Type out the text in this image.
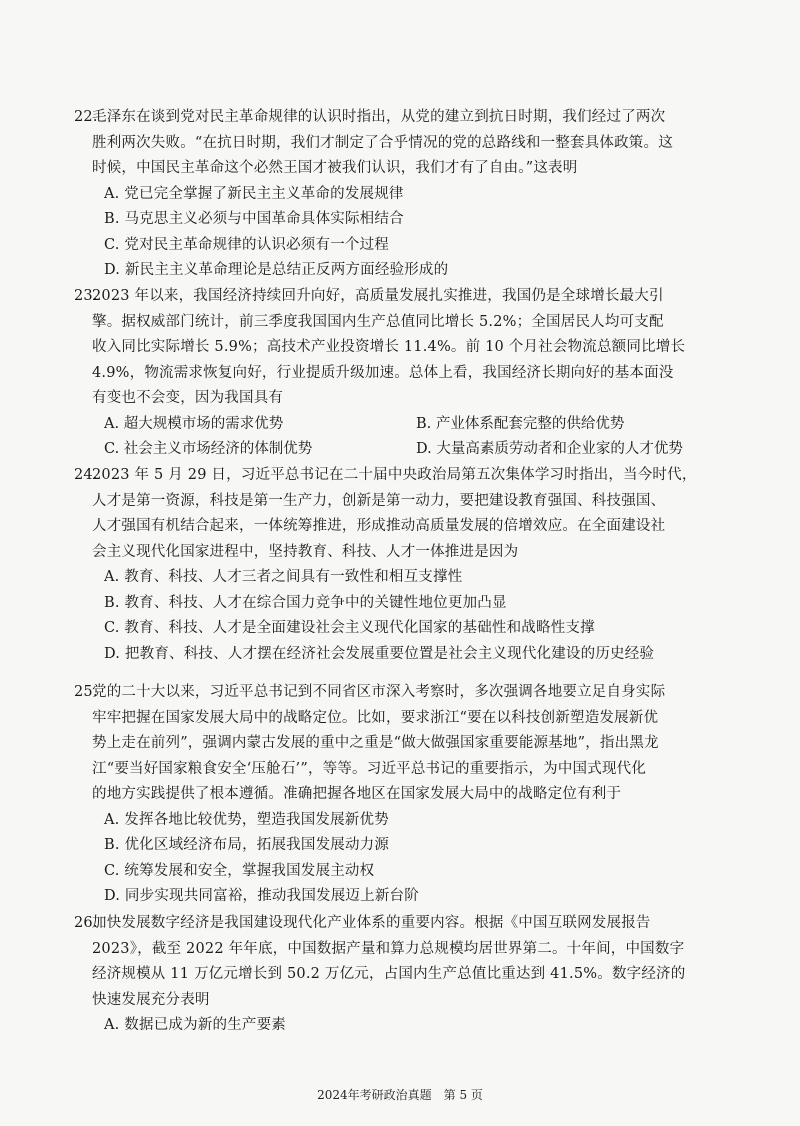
22.
毛泽东在谈到党对民主革命规律的认识时指出，从党的建立到抗日时期，我们经过了两次
胜利两次失败。“在抗日时期，我们才制定了合乎情况的党的总路线和一整套具体政策。这
时候，中国民主革命这个必然王国才被我们认识，我们才有了自由。”这表明
A. 党已完全掌握了新民主主义革命的发展规律
B. 马克思主义必须与中国革命具体实际相结合
C. 党对民主革命规律的认识必须有一个过程
D. 新民主主义革命理论是总结正反两方面经验形成的
23.
2023 年以来，我国经济持续回升向好，高质量发展扎实推进，我国仍是全球增长最大引
擎。据权威部门统计，前三季度我国国内生产总值同比增长 5.2%；全国居民人均可支配
收入同比实际增长 5.9%；高技术产业投资增长 11.4%。前 10 个月社会物流总额同比增长
4.9%，物流需求恢复向好，行业提质升级加速。总体上看，我国经济长期向好的基本面没
有变也不会变，因为我国具有
A. 超大规模市场的需求优势	B. 产业体系配套完整的供给优势
C. 社会主义市场经济的体制优势	D. 大量高素质劳动者和企业家的人才优势
24.
2023 年 5 月 29 日，习近平总书记在二十届中央政治局第五次集体学习时指出，当今时代，
人才是第一资源，科技是第一生产力，创新是第一动力，要把建设教育强国、科技强国、
人才强国有机结合起来，一体统筹推进，形成推动高质量发展的倍增效应。在全面建设社
会主义现代化国家进程中，坚持教育、科技、人才一体推进是因为
A. 教育、科技、人才三者之间具有一致性和相互支撑性
B. 教育、科技、人才在综合国力竞争中的关键性地位更加凸显
C. 教育、科技、人才是全面建设社会主义现代化国家的基础性和战略性支撑
D. 把教育、科技、人才摆在经济社会发展重要位置是社会主义现代化建设的历史经验
25.
党的二十大以来，习近平总书记到不同省区市深入考察时，多次强调各地要立足自身实际
牢牢把握在国家发展大局中的战略定位。比如，要求浙江“要在以科技创新塑造发展新优
势上走在前列”，强调内蒙古发展的重中之重是“做大做强国家重要能源基地”，指出黑龙
江“要当好国家粮食安全‘压舱石’”，等等。习近平总书记的重要指示，为中国式现代化
的地方实践提供了根本遵循。准确把握各地区在国家发展大局中的战略定位有利于
A. 发挥各地比较优势，塑造我国发展新优势
B. 优化区域经济布局，拓展我国发展动力源
C. 统筹发展和安全，掌握我国发展主动权
D. 同步实现共同富裕，推动我国发展迈上新台阶
26.
加快发展数字经济是我国建设现代化产业体系的重要内容。根据《中国互联网发展报告
2023》，截至 2022 年年底，中国数据产量和算力总规模均居世界第二。十年间，中国数字
经济规模从 11 万亿元增长到 50.2 万亿元，占国内生产总值比重达到 41.5%。数字经济的
快速发展充分表明
A. 数据已成为新的生产要素
2024年考研政治真题　第 5 页
